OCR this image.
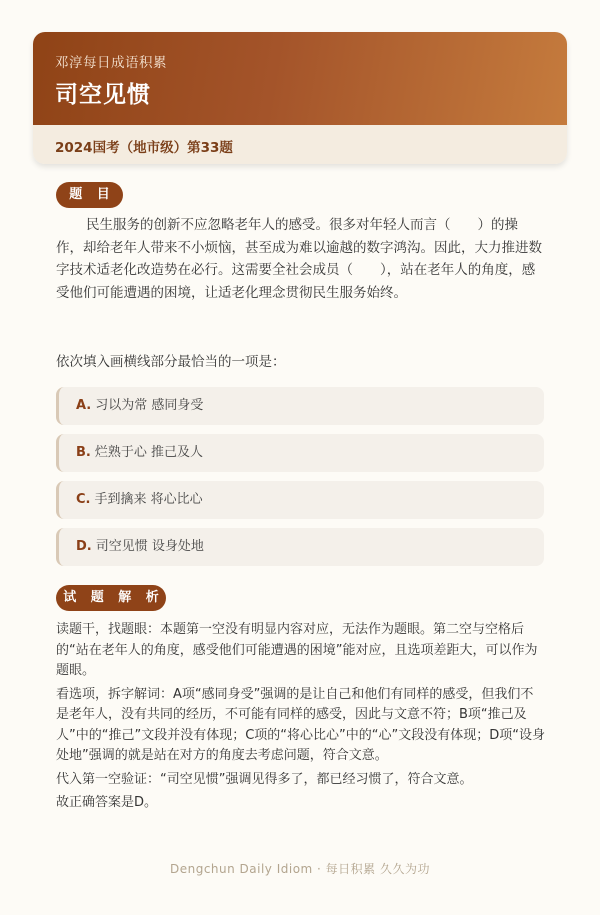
邓淳每日成语积累
司空见惯
2024国考（地市级）第33题
题 目

民生服务的创新不应忽略老年人的感受。很多对年轻人而言（　　）的操作，却给老年人带来不小烦恼，甚至成为难以逾越的数字鸿沟。因此，大力推进数字技术适老化改造势在必行。这需要全社会成员（　　），站在老年人的角度，感受他们可能遭遇的困境，让适老化理念贯彻民生服务始终。

依次填入画横线部分最恰当的一项是：
A. 习以为常 感同身受
B. 烂熟于心 推己及人
C. 手到擒来 将心比心
D. 司空见惯 设身处地
试 题 解 析

读题干，找题眼：本题第一空没有明显内容对应，无法作为题眼。第二空与空格后的“站在老年人的角度，感受他们可能遭遇的困境”能对应，且选项差距大，可以作为题眼。

看选项，拆字解词：A项“感同身受”强调的是让自己和他们有同样的感受，但我们不是老年人，没有共同的经历，不可能有同样的感受，因此与文意不符；B项“推己及人”中的“推己”文段并没有体现；C项的“将心比心”中的“心”文段没有体现；D项“设身处地”强调的就是站在对方的角度去考虑问题，符合文意。

代入第一空验证：“司空见惯”强调见得多了，都已经习惯了，符合文意。

故正确答案是D。

Dengchun Daily Idiom · 每日积累 久久为功
